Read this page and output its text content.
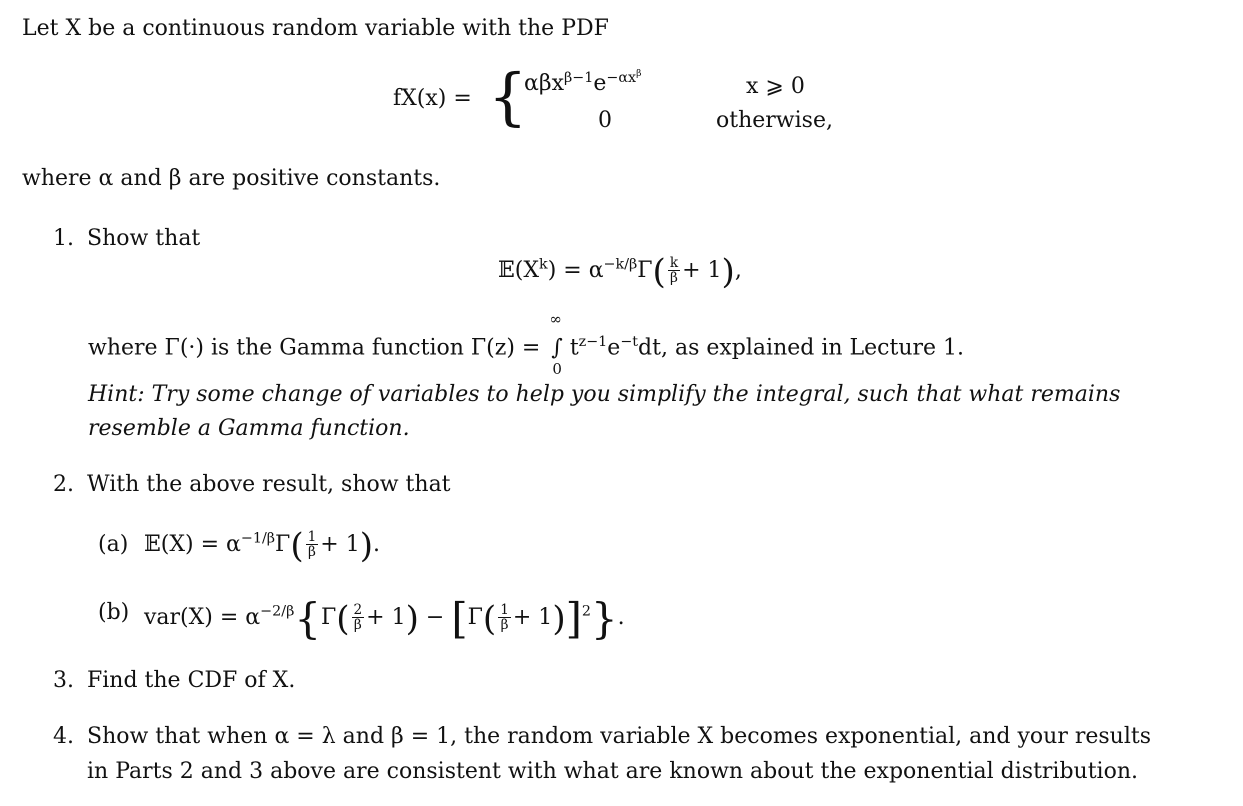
Let X be a continuous random variable with the PDF
fX(x) = {
$\alpha\beta x^{\beta-1}e^{-\alpha x^\beta}$
x ⩾ 0
0	otherwise,
where α and β are positive constants.
1. Show that
$𝔼(X^k) = \alpha^{-k/\beta}\Gamma( \frac{k}{\beta} + 1)$,
where Γ(·) is the Gamma function Γ(z) =
∞
∫ $t^{z-1}e^{-t}dt$,
0
as explained in Lecture 1.
Hint: Try some change of variables to help you simplify the integral, such that what remains
resemble a Gamma function.
2. With the above result, show that
(a) 𝔼(X) = $\alpha^{-1/\beta}\Gamma( \frac{1}{\beta} + 1)$.
(b) $var(X) = \alpha^{-2/\beta}\{\Gamma( \frac{2}{\beta} + 1) - [\Gamma( \frac{1}{\beta} + 1)]^2\}$.
3. Find the CDF of X.
4. Show that when α = λ and β = 1, the random variable X becomes exponential, and your results
in Parts 2 and 3 above are consistent with what are known about the exponential distribution.
